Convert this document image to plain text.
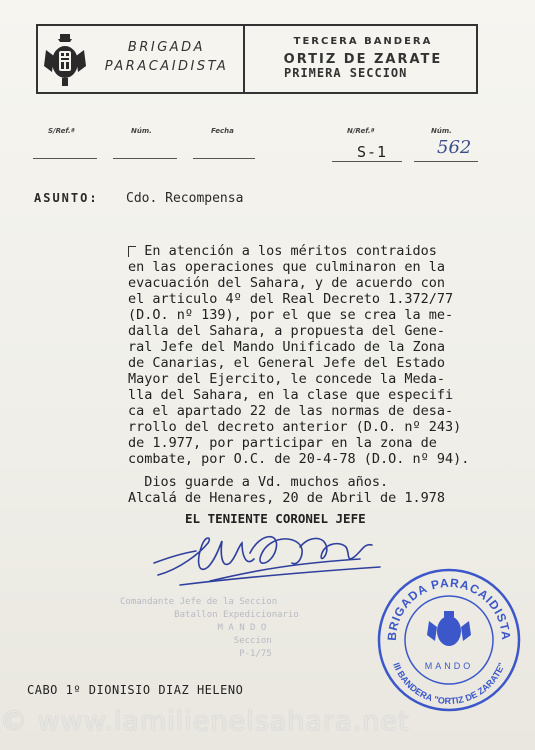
BRIGADA
PARACAIDISTA
TERCERA BANDERA
ORTIZ DE ZARATE
PRIMERA SECCION
S/Ref.ª	Núm.	Fecha	N/Ref.ª
S-1
Núm.
562
ASUNTO: Cdo. Recompensa
En atención a los méritos contraidos
en las operaciones que culminaron en la
evacuación del Sahara, y de acuerdo con
el articulo 4º del Real Decreto 1.372/77
(D.O. nº 139), por el que se crea la me-
dalla del Sahara, a propuesta del Gene-
ral Jefe del Mando Unificado de la Zona
de Canarias, el General Jefe del Estado
Mayor del Ejercito, le concede la Meda-
lla del Sahara, en la clase que especifi
ca el apartado 22 de las normas de desa-
rrollo del decreto anterior (D.O. nº 243)
de 1.977, por participar en la zona de
combate, por O.C. de 20-4-78 (D.O. nº 94).
Dios guarde a Vd. muchos años.
Alcalá de Henares, 20 de Abril de 1.978
EL TENIENTE CORONEL JEFE
Comandante Jefe de la Seccion
Batallon Expedicionario
M A N D O
Seccion
P-1/75
BRIGADA PARACAIDISTA
III BANDERA "ORTIZ DE ZARATE"
MANDO
CABO 1º DIONISIO DIAZ HELENO
© www.lamilienelsahara.net
